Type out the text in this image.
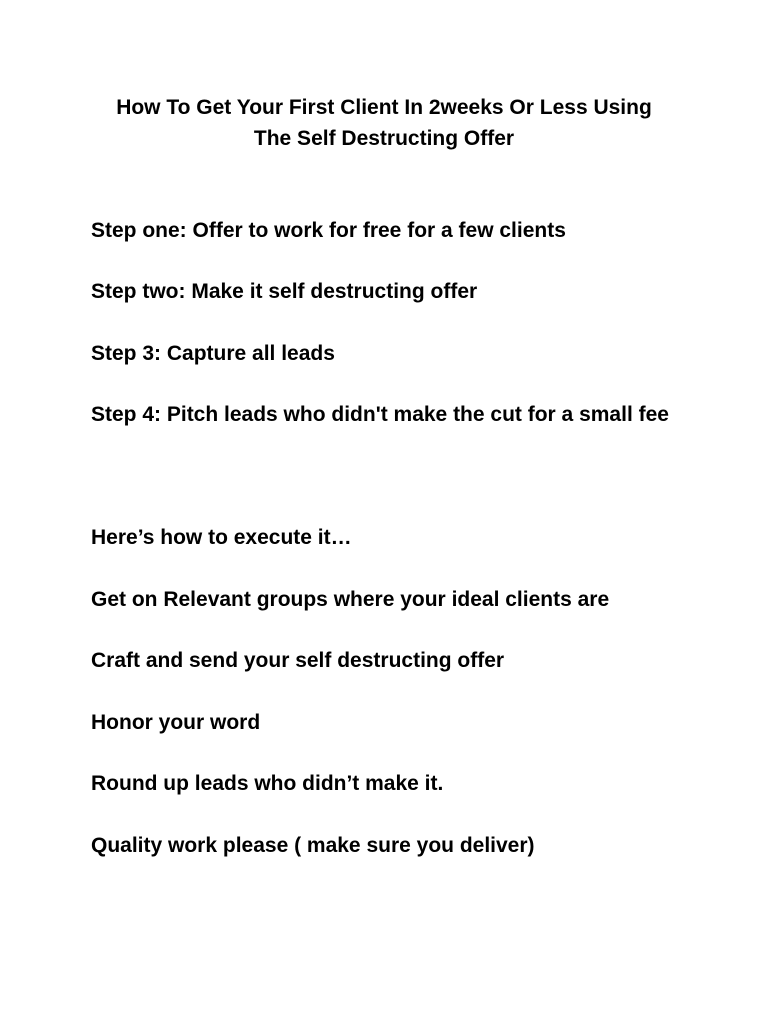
How To Get Your First Client In 2weeks Or Less Using
The Self Destructing Offer
Step one: Offer to work for free for a few clients
Step two: Make it self destructing offer
Step 3: Capture all leads
Step 4: Pitch leads who didn't make the cut for a small fee
Here’s how to execute it…
Get on Relevant groups where your ideal clients are
Craft and send your self destructing offer
Honor your word
Round up leads who didn’t make it.
Quality work please ( make sure you deliver)
